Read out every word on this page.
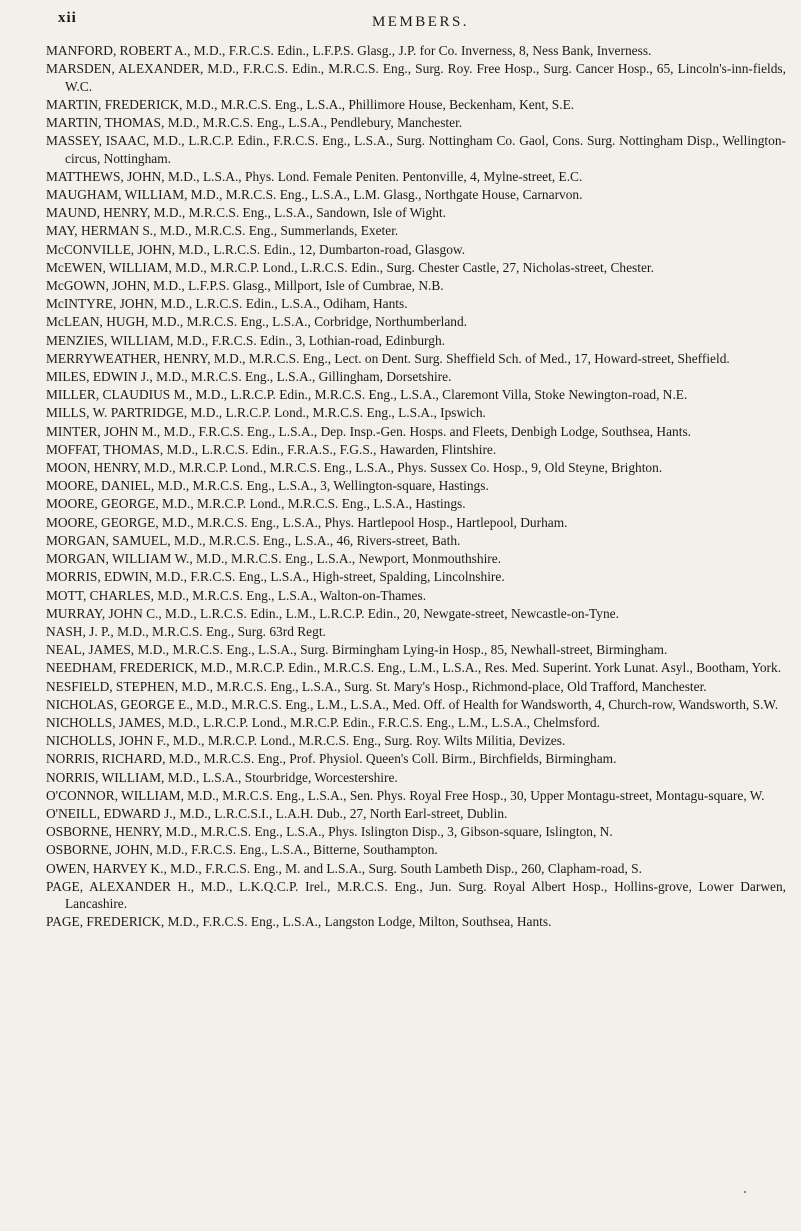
xii	MEMBERS.

MANFORD, ROBERT A., M.D., F.R.C.S. Edin., L.F.P.S. Glasg., J.P. for Co. Inverness, 8, Ness Bank, Inverness.

MARSDEN, ALEXANDER, M.D., F.R.C.S. Edin., M.R.C.S. Eng., Surg. Roy. Free Hosp., Surg. Cancer Hosp., 65, Lincoln's-inn-fields, W.C.

MARTIN, FREDERICK, M.D., M.R.C.S. Eng., L.S.A., Phillimore House, Beckenham, Kent, S.E.

MARTIN, THOMAS, M.D., M.R.C.S. Eng., L.S.A., Pendlebury, Manchester.

MASSEY, ISAAC, M.D., L.R.C.P. Edin., F.R.C.S. Eng., L.S.A., Surg. Nottingham Co. Gaol, Cons. Surg. Nottingham Disp., Wellington-circus, Nottingham.

MATTHEWS, JOHN, M.D., L.S.A., Phys. Lond. Female Peniten. Pentonville, 4, Mylne-street, E.C.

MAUGHAM, WILLIAM, M.D., M.R.C.S. Eng., L.S.A., L.M. Glasg., Northgate House, Carnarvon.

MAUND, HENRY, M.D., M.R.C.S. Eng., L.S.A., Sandown, Isle of Wight.

MAY, HERMAN S., M.D., M.R.C.S. Eng., Summerlands, Exeter.

McCONVILLE, JOHN, M.D., L.R.C.S. Edin., 12, Dumbarton-road, Glasgow.

McEWEN, WILLIAM, M.D., M.R.C.P. Lond., L.R.C.S. Edin., Surg. Chester Castle, 27, Nicholas-street, Chester.

McGOWN, JOHN, M.D., L.F.P.S. Glasg., Millport, Isle of Cumbrae, N.B.

McINTYRE, JOHN, M.D., L.R.C.S. Edin., L.S.A., Odiham, Hants.

McLEAN, HUGH, M.D., M.R.C.S. Eng., L.S.A., Corbridge, Northumberland.

MENZIES, WILLIAM, M.D., F.R.C.S. Edin., 3, Lothian-road, Edinburgh.

MERRYWEATHER, HENRY, M.D., M.R.C.S. Eng., Lect. on Dent. Surg. Sheffield Sch. of Med., 17, Howard-street, Sheffield.

MILES, EDWIN J., M.D., M.R.C.S. Eng., L.S.A., Gillingham, Dorsetshire.

MILLER, CLAUDIUS M., M.D., L.R.C.P. Edin., M.R.C.S. Eng., L.S.A., Claremont Villa, Stoke Newington-road, N.E.

MILLS, W. PARTRIDGE, M.D., L.R.C.P. Lond., M.R.C.S. Eng., L.S.A., Ipswich.

MINTER, JOHN M., M.D., F.R.C.S. Eng., L.S.A., Dep. Insp.-Gen. Hosps. and Fleets, Denbigh Lodge, Southsea, Hants.

MOFFAT, THOMAS, M.D., L.R.C.S. Edin., F.R.A.S., F.G.S., Hawarden, Flintshire.

MOON, HENRY, M.D., M.R.C.P. Lond., M.R.C.S. Eng., L.S.A., Phys. Sussex Co. Hosp., 9, Old Steyne, Brighton.

MOORE, DANIEL, M.D., M.R.C.S. Eng., L.S.A., 3, Wellington-square, Hastings.

MOORE, GEORGE, M.D., M.R.C.P. Lond., M.R.C.S. Eng., L.S.A., Hastings.

MOORE, GEORGE, M.D., M.R.C.S. Eng., L.S.A., Phys. Hartlepool Hosp., Hartlepool, Durham.

MORGAN, SAMUEL, M.D., M.R.C.S. Eng., L.S.A., 46, Rivers-street, Bath.

MORGAN, WILLIAM W., M.D., M.R.C.S. Eng., L.S.A., Newport, Monmouthshire.

MORRIS, EDWIN, M.D., F.R.C.S. Eng., L.S.A., High-street, Spalding, Lincolnshire.

MOTT, CHARLES, M.D., M.R.C.S. Eng., L.S.A., Walton-on-Thames.

MURRAY, JOHN C., M.D., L.R.C.S. Edin., L.M., L.R.C.P. Edin., 20, Newgate-street, Newcastle-on-Tyne.

NASH, J. P., M.D., M.R.C.S. Eng., Surg. 63rd Regt.

NEAL, JAMES, M.D., M.R.C.S. Eng., L.S.A., Surg. Birmingham Lying-in Hosp., 85, Newhall-street, Birmingham.

NEEDHAM, FREDERICK, M.D., M.R.C.P. Edin., M.R.C.S. Eng., L.M., L.S.A., Res. Med. Superint. York Lunat. Asyl., Bootham, York.

NESFIELD, STEPHEN, M.D., M.R.C.S. Eng., L.S.A., Surg. St. Mary's Hosp., Richmond-place, Old Trafford, Manchester.

NICHOLAS, GEORGE E., M.D., M.R.C.S. Eng., L.M., L.S.A., Med. Off. of Health for Wandsworth, 4, Church-row, Wandsworth, S.W.

NICHOLLS, JAMES, M.D., L.R.C.P. Lond., M.R.C.P. Edin., F.R.C.S. Eng., L.M., L.S.A., Chelmsford.

NICHOLLS, JOHN F., M.D., M.R.C.P. Lond., M.R.C.S. Eng., Surg. Roy. Wilts Militia, Devizes.

NORRIS, RICHARD, M.D., M.R.C.S. Eng., Prof. Physiol. Queen's Coll. Birm., Birchfields, Birmingham.

NORRIS, WILLIAM, M.D., L.S.A., Stourbridge, Worcestershire.

O'CONNOR, WILLIAM, M.D., M.R.C.S. Eng., L.S.A., Sen. Phys. Royal Free Hosp., 30, Upper Montagu-street, Montagu-square, W.

O'NEILL, EDWARD J., M.D., L.R.C.S.I., L.A.H. Dub., 27, North Earl-street, Dublin.

OSBORNE, HENRY, M.D., M.R.C.S. Eng., L.S.A., Phys. Islington Disp., 3, Gibson-square, Islington, N.

OSBORNE, JOHN, M.D., F.R.C.S. Eng., L.S.A., Bitterne, Southampton.

OWEN, HARVEY K., M.D., F.R.C.S. Eng., M. and L.S.A., Surg. South Lambeth Disp., 260, Clapham-road, S.

PAGE, ALEXANDER H., M.D., L.K.Q.C.P. Irel., M.R.C.S. Eng., Jun. Surg. Royal Albert Hosp., Hollins-grove, Lower Darwen, Lancashire.

PAGE, FREDERICK, M.D., F.R.C.S. Eng., L.S.A., Langston Lodge, Milton, Southsea, Hants.
